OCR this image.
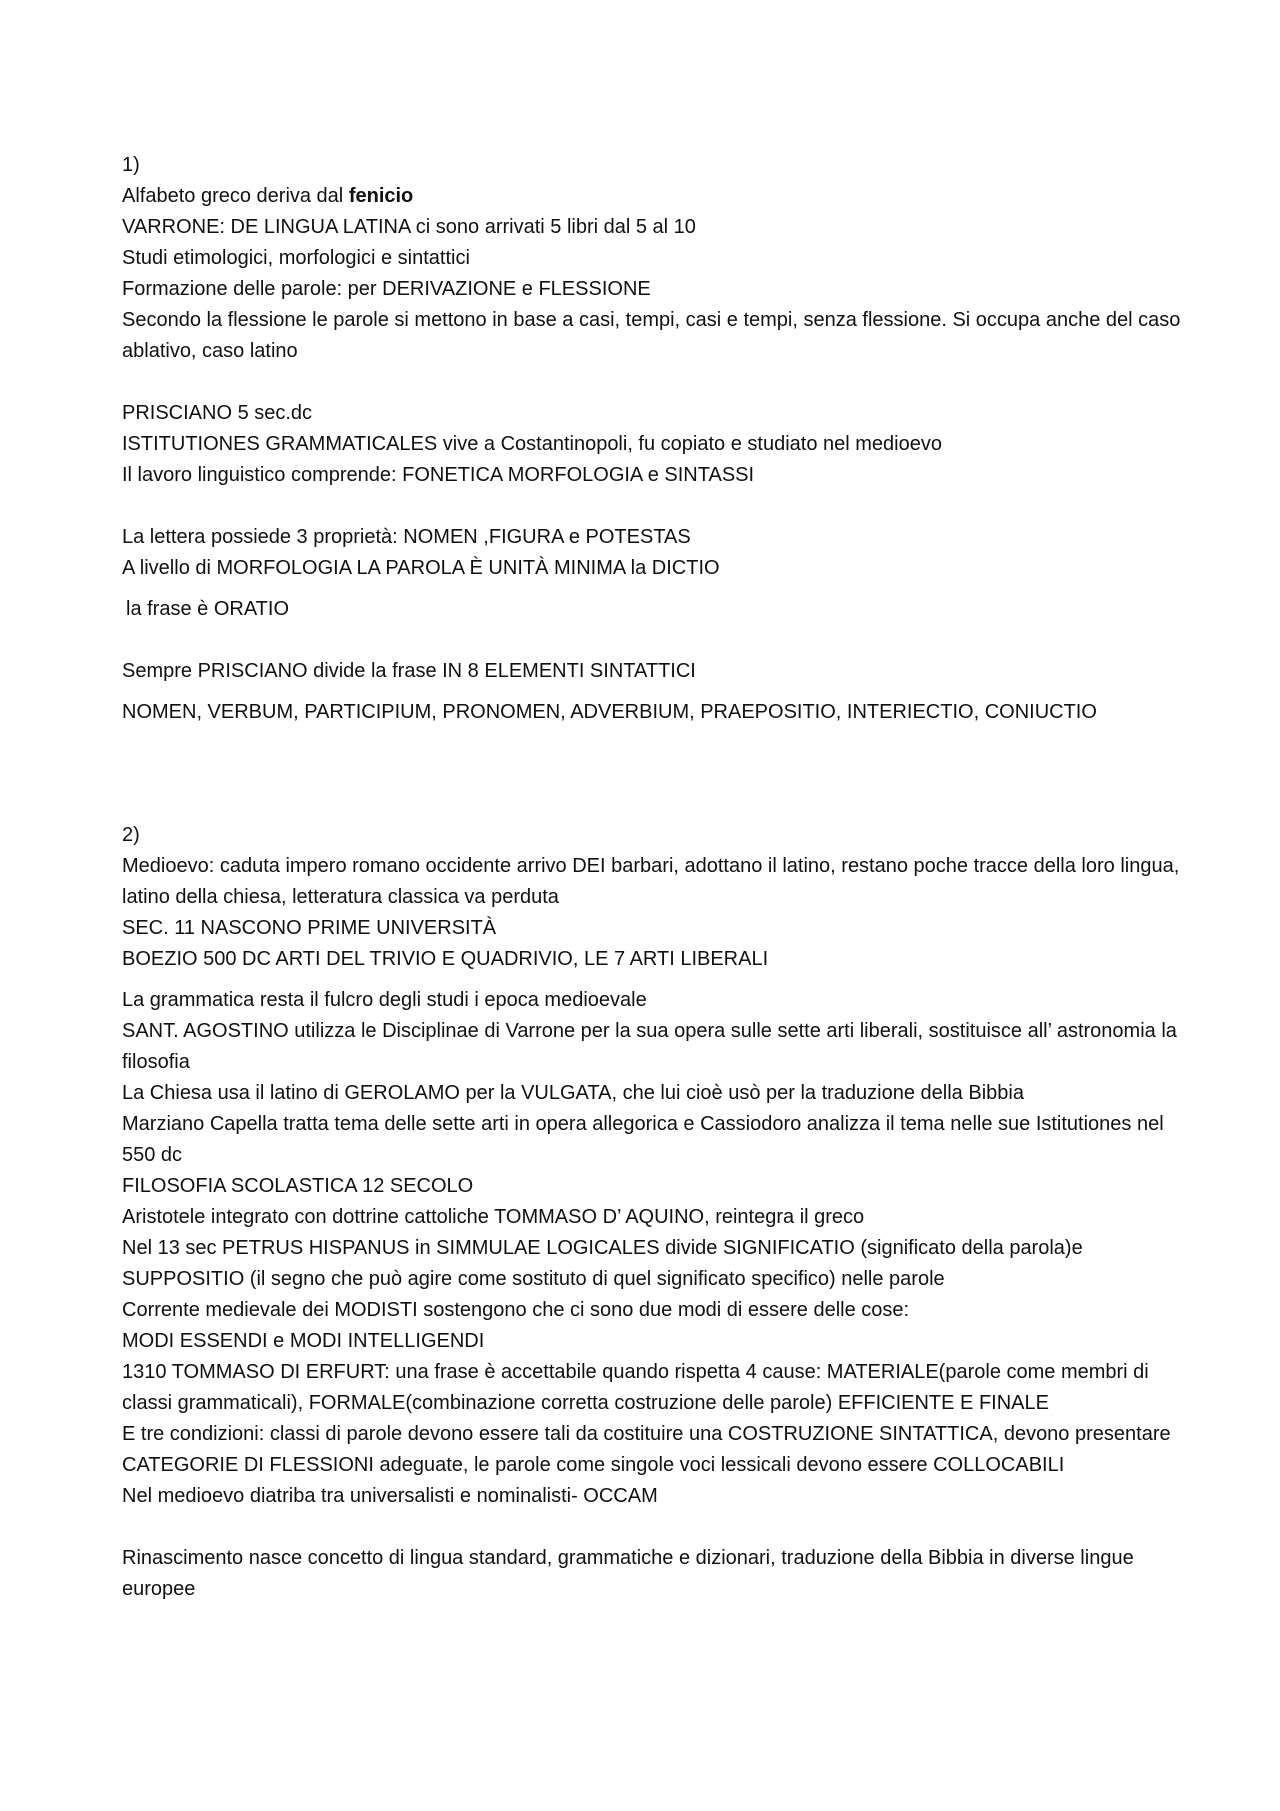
1)
Alfabeto greco deriva dal fenicio
VARRONE: DE LINGUA LATINA ci sono arrivati 5 libri dal 5 al 10
Studi etimologici, morfologici e sintattici
Formazione delle parole: per DERIVAZIONE e FLESSIONE
Secondo la flessione le parole si mettono in base a casi, tempi, casi e tempi, senza flessione. Si occupa anche del caso ablativo, caso latino
PRISCIANO 5 sec.dc
ISTITUTIONES GRAMMATICALES vive a Costantinopoli, fu copiato e studiato nel medioevo
Il lavoro linguistico comprende: FONETICA MORFOLOGIA e SINTASSI
La lettera possiede 3 proprietà: NOMEN ,FIGURA e POTESTAS
A livello di MORFOLOGIA LA PAROLA È UNITÀ MINIMA la DICTIO
la frase è ORATIO
Sempre PRISCIANO divide la frase IN 8 ELEMENTI SINTATTICI
NOMEN, VERBUM, PARTICIPIUM, PRONOMEN, ADVERBIUM, PRAEPOSITIO, INTERIECTIO, CONIUCTIO
2)
Medioevo: caduta impero romano occidente arrivo DEI barbari, adottano il latino, restano poche tracce della loro lingua, latino della chiesa, letteratura classica va perduta
SEC. 11 NASCONO PRIME UNIVERSITÀ
BOEZIO 500 DC ARTI DEL TRIVIO E QUADRIVIO, LE 7 ARTI LIBERALI
La grammatica resta il fulcro degli studi i epoca medioevale
SANT. AGOSTINO utilizza le Disciplinae di Varrone per la sua opera sulle sette arti liberali, sostituisce all’ astronomia la filosofia
La Chiesa usa il latino di GEROLAMO per la VULGATA, che lui cioè usò per la traduzione della Bibbia
Marziano Capella tratta tema delle sette arti in opera allegorica e Cassiodoro analizza il tema nelle sue Istitutiones nel 550 dc
FILOSOFIA SCOLASTICA 12 SECOLO
Aristotele integrato con dottrine cattoliche TOMMASO D’ AQUINO, reintegra il greco
Nel 13 sec PETRUS HISPANUS in SIMMULAE LOGICALES divide SIGNIFICATIO (significato della parola)e SUPPOSITIO (il segno che può agire come sostituto di quel significato specifico) nelle parole
Corrente medievale dei MODISTI sostengono che ci sono due modi di essere delle cose:
MODI ESSENDI e MODI INTELLIGENDI
1310 TOMMASO DI ERFURT: una frase è accettabile quando rispetta 4 cause: MATERIALE(parole come membri di classi grammaticali), FORMALE(combinazione corretta costruzione delle parole) EFFICIENTE E FINALE
E tre condizioni: classi di parole devono essere tali da costituire una COSTRUZIONE SINTATTICA, devono presentare CATEGORIE DI FLESSIONI adeguate, le parole come singole voci lessicali devono essere COLLOCABILI
Nel medioevo diatriba tra universalisti e nominalisti- OCCAM
Rinascimento nasce concetto di lingua standard, grammatiche e dizionari, traduzione della Bibbia in diverse lingue europee
